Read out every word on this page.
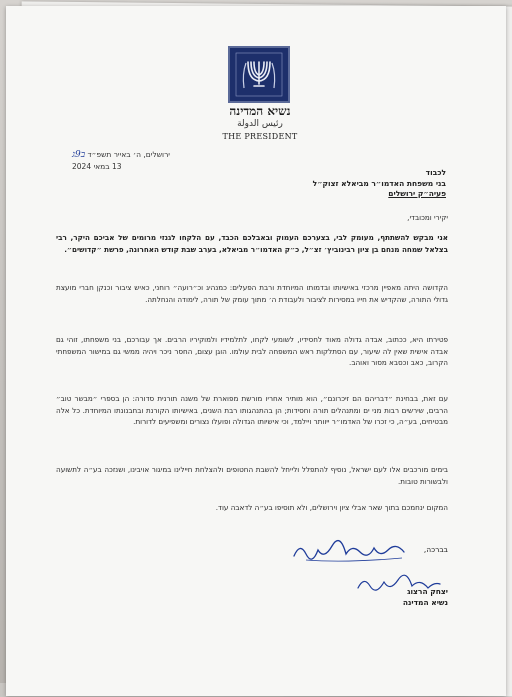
נשיא המדינה
رئيس الدولة
THE PRESIDENT
ירושלים, ה׳ באייר תשפ״ד ב9ג
13 במאי 2024
לכבוד
בני משפחת האדמו״ר מביאלא זצוק״ל
פעיה״ק ירושלים
יקירי ומכובדי,
אני מבקש להשתתף, מעומק לבי, בצערכם העמוק ובאבלכם הכבד, עם הלקחו לגנזי מרומים של אביכם היקר, רבי בצלאל שמחה מנחם בן ציון רבינוביץ׳ זצ״ל, כ״ק האדמו״ר מביאלא, בערב שבת קודש האחרונה, פרשת ״קדושים״.
הקדושה היתה מאפיין מרכזי באישיותו ובדמותו המיוחדת ורבת הפעלים: כמנהיג וכ״רועה״ רוחני, כאיש ציבור וכנקן חברי מועצת גדולי התורה, שהקדיש את חייו במסירות לציבור ולעבודת ה׳ מתוך עומק של תורה, לימודה והנחלתה.
פטירתו היא, ככתוב, אבדה גדולה מאוד לחסידיו, לשומעי לקחו, לתלמידיו ולמוקיריו הרבים. אך עבורכם, בני משפחתו, זוהי גם אבדה אישית שאין לה שיעור, עם הסתלקות ראש המשפחה לבית עולמו. הוגן עצום, החסר ניכר ויהיה ממשי גם במישור המשפחתי הקרוב, כאב וכסבא מסור ואוהב.
עם זאת, בבחינת ״דבריהם הם זיכרונם״, הוא מותיר אחריו מורשת מפוארת של משנה תורנית סדורה: הן בספרי ״מבשר טוב״ הרבים, שירשים רבות מני ים ומתנהלים תורה וחסידות; הן בהתנהגותו רבת השנים, באישיותו הקורנת ובחבנונתו המיוחדת. כל אלה מבטיחים, בע״ה, כי זכרו של האדמו״ר ייוותר ויילמד, וכי אישיותו הגדולה ופועלו נצורים ומשפיעים לדורות.
בימים מורכבים אלו לעם ישראל, נוסיף להתפלל ולייחל להשבת החטופים ולהצלחת חיילינו במיגור אויבינו, ושנזכה בע״ה לתשועה ולבשורות טובות.
המקום ינחמכם בתוך שאר אבלי ציון וירושלים, ולא תוסיפו בע״ה לדאבה עוד.
בברכה,
יצחק הרצוג
נשיא המדינה
